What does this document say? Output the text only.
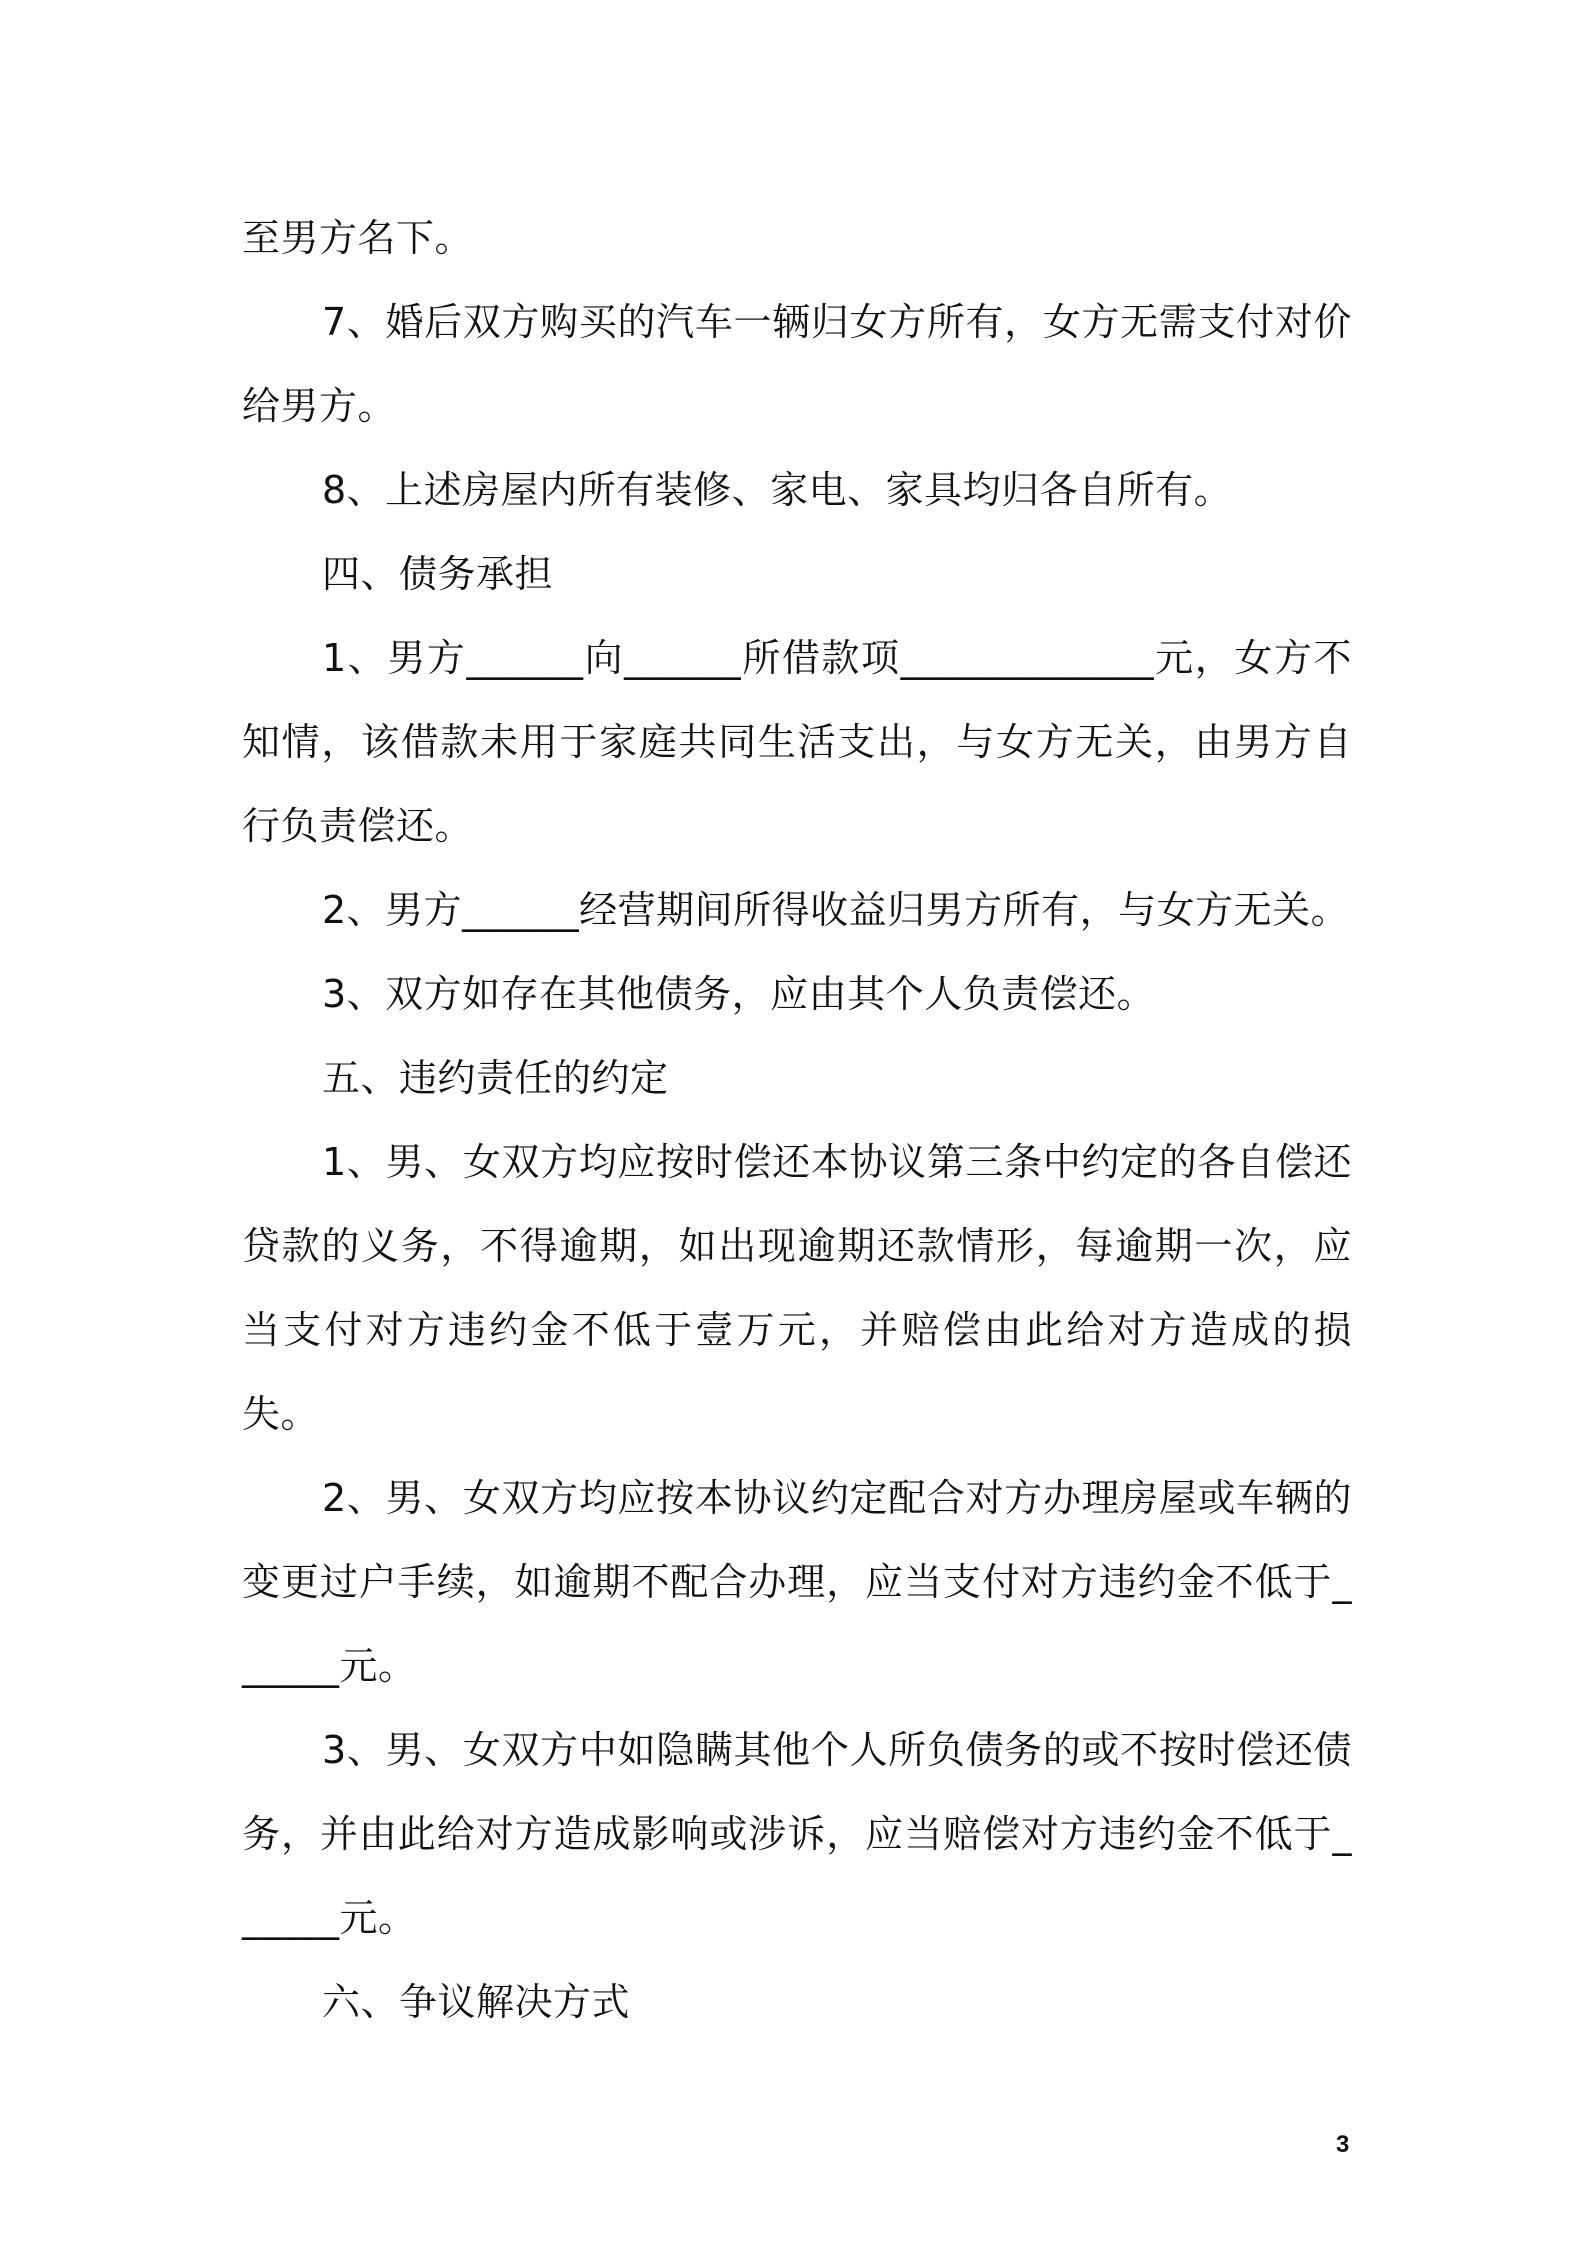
至男方名下。

7、婚后双方购买的汽车一辆归女方所有，女方无需支付对价给男方。

8、上述房屋内所有装修、家电、家具均归各自所有。

四、债务承担

1、男方______向______所借款项_____________元，女方不知情，该借款未用于家庭共同生活支出，与女方无关，由男方自行负责偿还。

2、男方______经营期间所得收益归男方所有，与女方无关。

3、双方如存在其他债务，应由其个人负责偿还。

五、违约责任的约定

1、男、女双方均应按时偿还本协议第三条中约定的各自偿还贷款的义务，不得逾期，如出现逾期还款情形，每逾期一次，应当支付对方违约金不低于壹万元，并赔偿由此给对方造成的损失。

2、男、女双方均应按本协议约定配合对方办理房屋或车辆的变更过户手续，如逾期不配合办理，应当支付对方违约金不低于______元。

3、男、女双方中如隐瞒其他个人所负债务的或不按时偿还债务，并由此给对方造成影响或涉诉，应当赔偿对方违约金不低于______元。

六、争议解决方式

3
